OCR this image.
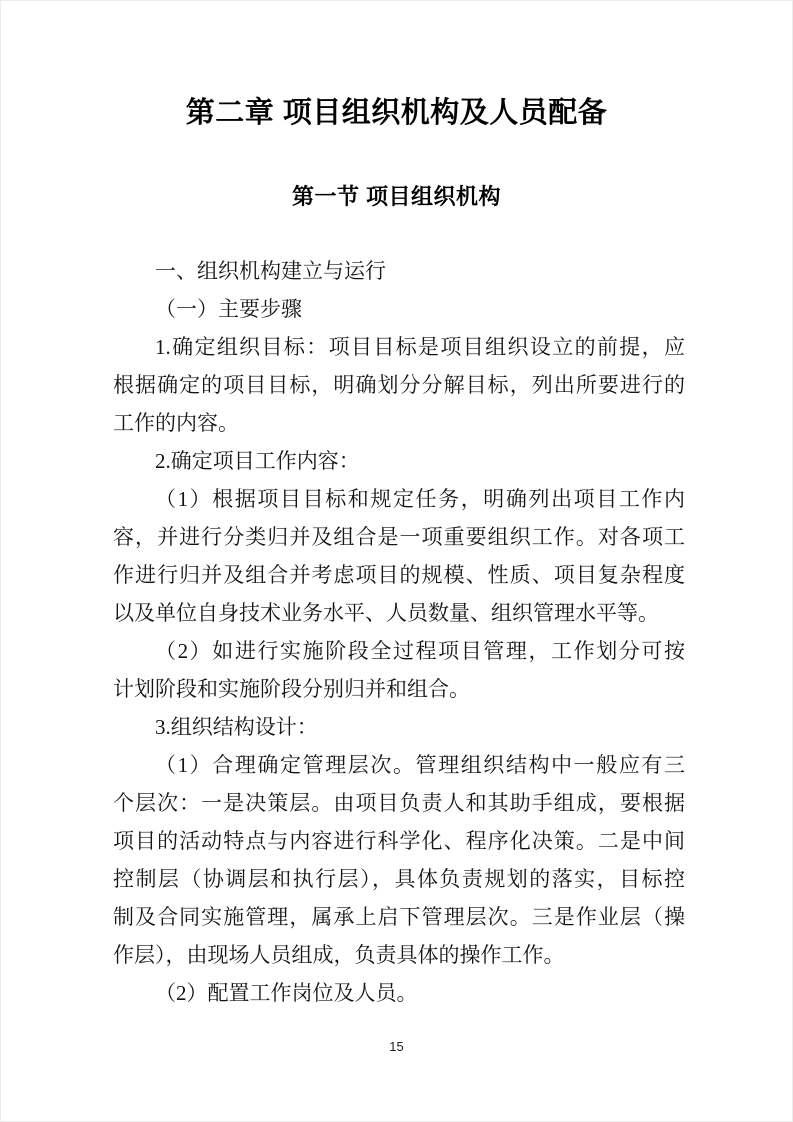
第二章 项目组织机构及人员配备
第一节 项目组织机构
一、组织机构建立与运行
（一）主要步骤
1.确定组织目标：项目目标是项目组织设立的前提，应
根据确定的项目目标，明确划分分解目标，列出所要进行的
工作的内容。
2.确定项目工作内容：
（1）根据项目目标和规定任务，明确列出项目工作内
容，并进行分类归并及组合是一项重要组织工作。对各项工
作进行归并及组合并考虑项目的规模、性质、项目复杂程度
以及单位自身技术业务水平、人员数量、组织管理水平等。
（2）如进行实施阶段全过程项目管理，工作划分可按
计划阶段和实施阶段分别归并和组合。
3.组织结构设计：
（1）合理确定管理层次。管理组织结构中一般应有三
个层次：一是决策层。由项目负责人和其助手组成，要根据
项目的活动特点与内容进行科学化、程序化决策。二是中间
控制层（协调层和执行层），具体负责规划的落实，目标控
制及合同实施管理，属承上启下管理层次。三是作业层（操
作层），由现场人员组成，负责具体的操作工作。
（2）配置工作岗位及人员。
15
